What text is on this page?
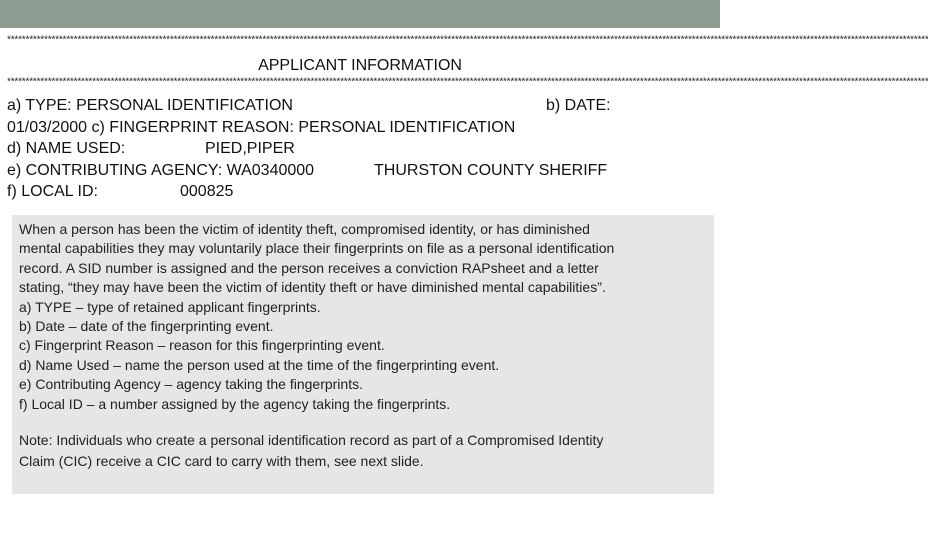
*********************************************************************************************************************************************************************************************************************************************************
APPLICANT INFORMATION
*********************************************************************************************************************************************************************************************************************************************************
a) TYPE: PERSONAL IDENTIFICATION	b) DATE:
01/03/2000 c) FINGERPRINT REASON: PERSONAL IDENTIFICATION
d) NAME USED:	PIED,PIPER
e) CONTRIBUTING AGENCY: WA0340000	THURSTON COUNTY SHERIFF
f) LOCAL ID:	000825
When a person has been the victim of identity theft, compromised identity, or has diminished
mental capabilities they may voluntarily place their fingerprints on file as a personal identification
record. A SID number is assigned and the person receives a conviction RAPsheet and a letter
stating, “they may have been the victim of identity theft or have diminished mental capabilities”.
a) TYPE – type of retained applicant fingerprints.
b) Date – date of the fingerprinting event.
c) Fingerprint Reason – reason for this fingerprinting event.
d) Name Used – name the person used at the time of the fingerprinting event.
e) Contributing Agency – agency taking the fingerprints.
f) Local ID – a number assigned by the agency taking the fingerprints.
Note: Individuals who create a personal identification record as part of a Compromised Identity
Claim (CIC) receive a CIC card to carry with them, see next slide.
